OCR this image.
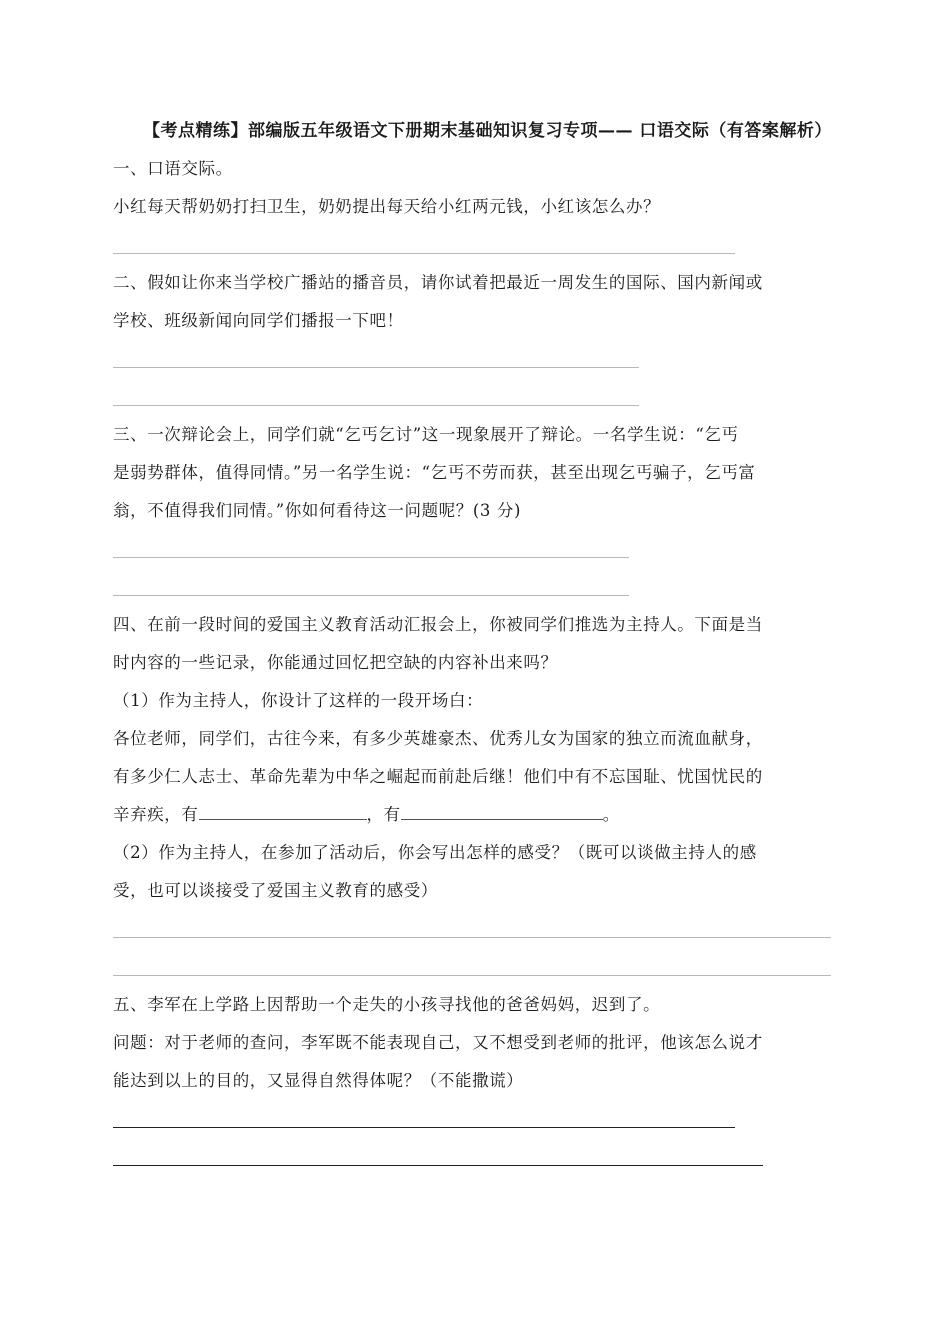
【考点精练】部编版五年级语文下册期末基础知识复习专项—— 口语交际（有答案解析）

一、口语交际。

小红每天帮奶奶打扫卫生，奶奶提出每天给小红两元钱，小红该怎么办？

二、假如让你来当学校广播站的播音员，请你试着把最近一周发生的国际、国内新闻或

学校、班级新闻向同学们播报一下吧！

三、一次辩论会上，同学们就“乞丐乞讨”这一现象展开了辩论。一名学生说：“乞丐

是弱势群体，值得同情。”另一名学生说：“乞丐不劳而获，甚至出现乞丐骗子，乞丐富

翁，不值得我们同情。”你如何看待这一问题呢？(3 分)

四、在前一段时间的爱国主义教育活动汇报会上，你被同学们推选为主持人。下面是当

时内容的一些记录，你能通过回忆把空缺的内容补出来吗？

（1）作为主持人，你设计了这样的一段开场白：

各位老师，同学们，古往今来，有多少英雄豪杰、优秀儿女为国家的独立而流血献身，

有多少仁人志士、革命先辈为中华之崛起而前赴后继！他们中有不忘国耻、忧国忧民的

辛弃疾，有	，有	。

（2）作为主持人，在参加了活动后，你会写出怎样的感受？（既可以谈做主持人的感

受，也可以谈接受了爱国主义教育的感受）

五、李军在上学路上因帮助一个走失的小孩寻找他的爸爸妈妈，迟到了。

问题：对于老师的查问，李军既不能表现自己，又不想受到老师的批评，他该怎么说才

能达到以上的目的，又显得自然得体呢？（不能撒谎）
